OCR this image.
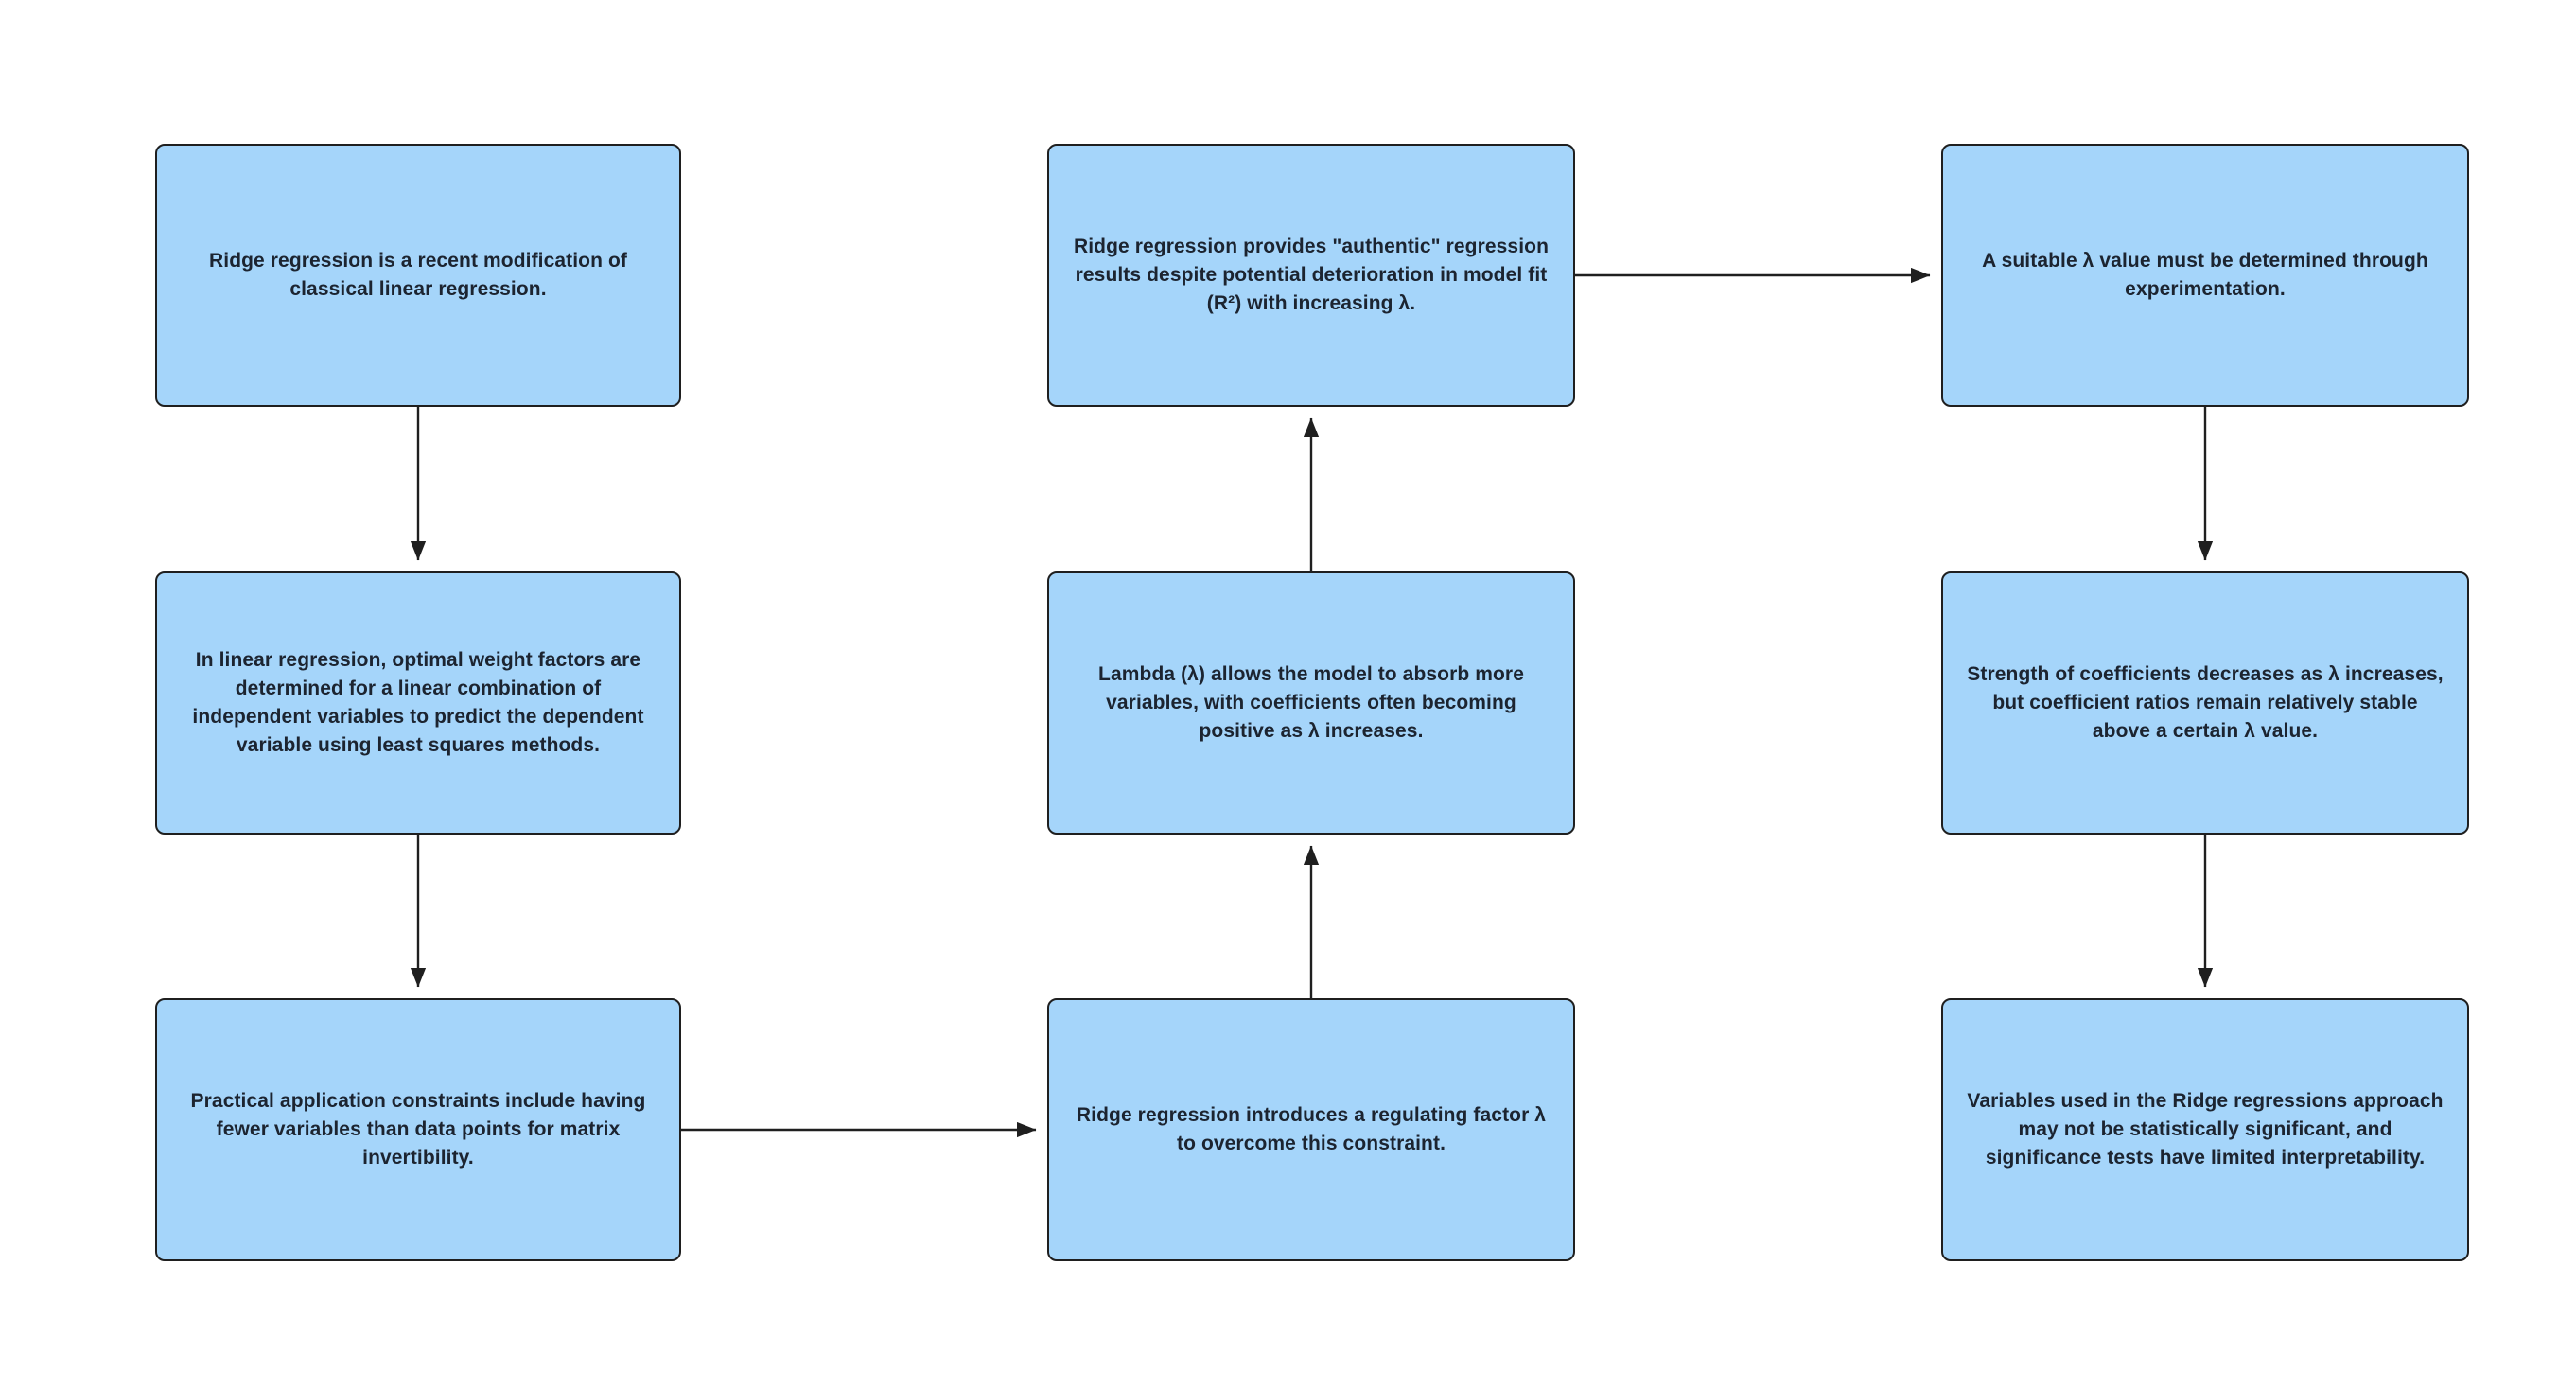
Ridge regression is a recent modification of classical linear regression.
In linear regression, optimal weight factors are determined for a linear combination of independent variables to predict the dependent variable using least squares methods.
Practical application constraints include having fewer variables than data points for matrix invertibility.
Ridge regression provides "authentic" regression results despite potential deterioration in model fit (R²) with increasing λ.
Lambda (λ) allows the model to absorb more variables, with coefficients often becoming positive as λ increases.
Ridge regression introduces a regulating factor λ to overcome this constraint.
A suitable λ value must be determined through experimentation.
Strength of coefficients decreases as λ increases, but coefficient ratios remain relatively stable above a certain λ value.
Variables used in the Ridge regressions approach may not be statistically significant, and significance tests have limited interpretability.
